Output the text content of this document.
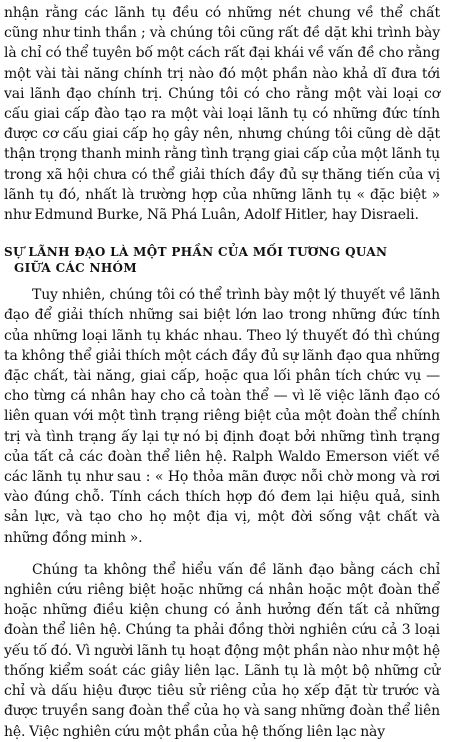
nhận rằng các lãnh tụ đều có những nét chung về thể chất cũng như tinh thần ; và chúng tôi cũng rất đề dặt khi trình bày là chỉ có thể tuyên bố một cách rất đại khái về vấn đề cho rằng một vài tài năng chính trị nào đó một phần nào khả dĩ đưa tới vai lãnh đạo chính trị. Chúng tôi có cho rằng một vài loại cơ cấu giai cấp đào tạo ra một vài loại lãnh tụ có những đức tính được cơ cấu giai cấp họ gây nên, nhưng chúng tôi cũng dè dặt thận trọng thanh minh rằng tình trạng giai cấp của một lãnh tụ trong xã hội chưa có thể giải thích đầy đủ sự thăng tiến của vị lãnh tụ đó, nhất là trường hợp của những lãnh tụ « đặc biệt » như Edmund Burke, Nã Phá Luân, Adolf Hitler, hay Disraeli.

SỰ LÃNH ĐẠO LÀ MỘT PHẦN CỦA MỐI TƯƠNG QUAN
GIỮA CÁC NHÓM

Tuy nhiên, chúng tôi có thể trình bày một lý thuyết về lãnh đạo để giải thích những sai biệt lớn lao trong những đức tính của những loại lãnh tụ khác nhau. Theo lý thuyết đó thì chúng ta không thể giải thích một cách đầy đủ sự lãnh đạo qua những đặc chất, tài năng, giai cấp, hoặc qua lối phân tích chức vụ — cho từng cá nhân hay cho cả toàn thể — vì lẽ việc lãnh đạo có liên quan với một tình trạng riêng biệt của một đoàn thể chính trị và tình trạng ấy lại tự nó bị định đoạt bởi những tình trạng của tất cả các đoàn thể liên hệ. Ralph Waldo Emerson viết về các lãnh tụ như sau : « Họ thỏa mãn được nỗi chờ mong và rơi vào đúng chỗ. Tính cách thích hợp đó đem lại hiệu quả, sinh sản lực, và tạo cho họ một địa vị, một đời sống vật chất và những đồng minh ».

Chúng ta không thể hiểu vấn đề lãnh đạo bằng cách chỉ nghiên cứu riêng biệt hoặc những cá nhân hoặc một đoàn thể hoặc những điều kiện chung có ảnh hưởng đến tất cả những đoàn thể liên hệ. Chúng ta phải đồng thời nghiên cứu cả 3 loại yếu tố đó. Vì người lãnh tụ hoạt động một phần nào như một hệ thống kiểm soát các giây liên lạc. Lãnh tụ là một bộ những cử chỉ và dấu hiệu được tiêu sử riêng của họ xếp đặt từ trước và được truyền sang đoàn thể của họ và sang những đoàn thể liên hệ. Việc nghiên cứu một phần của hệ thống liên lạc này
